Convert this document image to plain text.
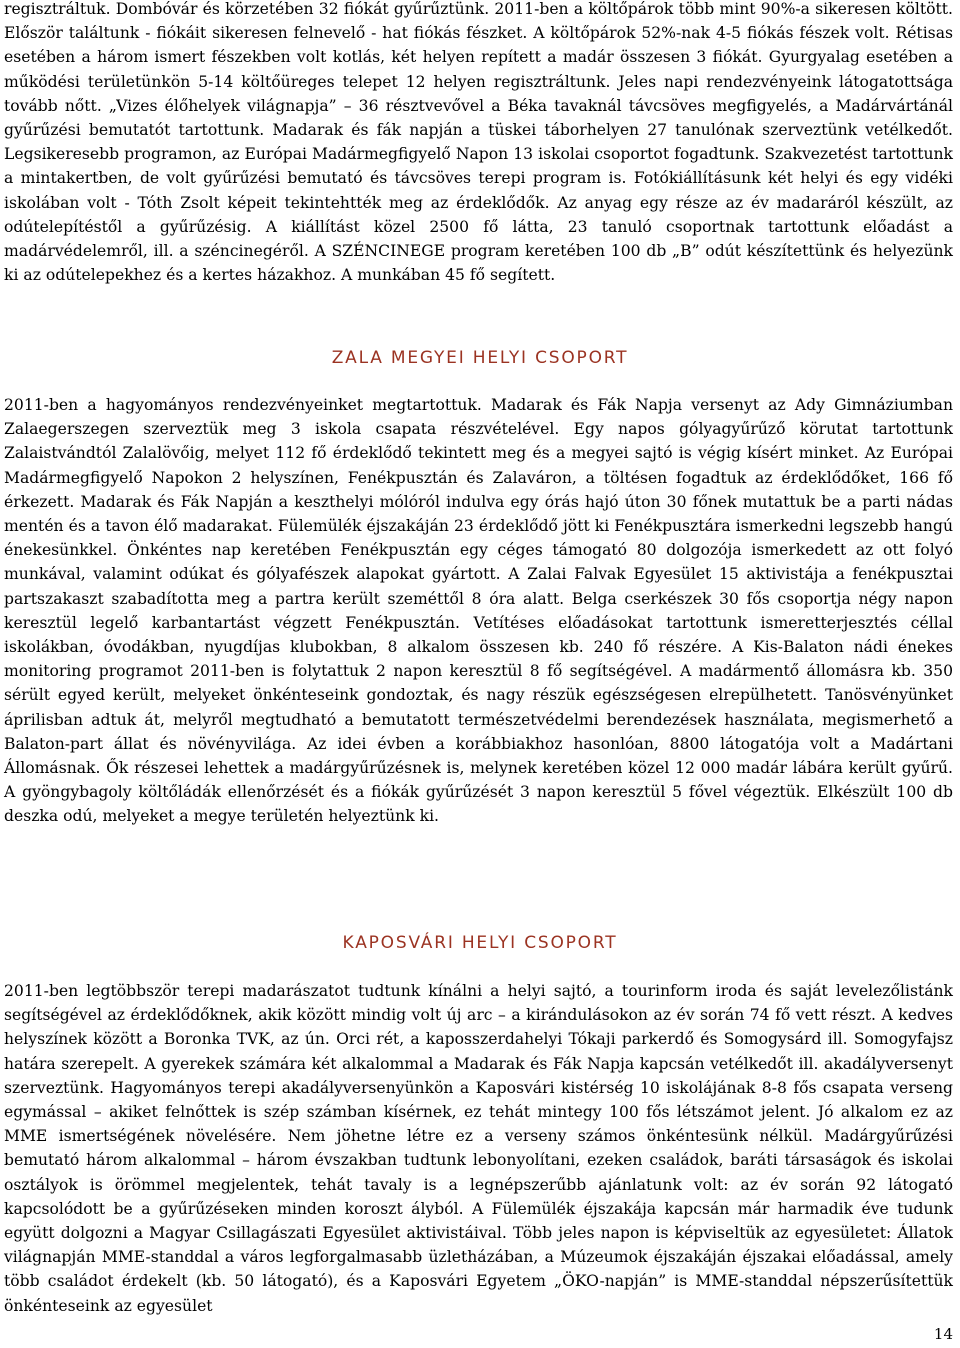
regisztráltuk. Dombóvár és körzetében 32 fiókát gyűrűztünk. 2011-ben a költőpárok több mint 90%-a sikeresen költött. Először találtunk - fiókáit sikeresen felnevelő - hat fiókás fészket. A költőpárok 52%-nak 4-5 fiókás fészek volt. Rétisas esetében a három ismert fészekben volt kotlás, két helyen repített a madár összesen 3 fiókát. Gyurgyalag esetében a működési területünkön 5-14 költőüreges telepet 12 helyen regisztráltunk. Jeles napi rendezvényeink látogatottsága tovább nőtt. „Vizes élőhelyek világnapja” – 36 résztvevővel a Béka tavaknál távcsöves megfigyelés, a Madárvártánál gyűrűzési bemutatót tartottunk. Madarak és fák napján a tüskei táborhelyen 27 tanulónak szerveztünk vetélkedőt. Legsikeresebb programon, az Európai Madármegfigyelő Napon 13 iskolai csoportot fogadtunk. Szakvezetést tartottunk a mintakertben, de volt gyűrűzési bemutató és távcsöves terepi program is. Fotókiállításunk két helyi és egy vidéki iskolában volt - Tóth Zsolt képeit tekintehtték meg az érdeklődők. Az anyag egy része az év madaráról készült, az odútelepítéstől a gyűrűzésig. A kiállítást közel 2500 fő látta, 23 tanuló csoportnak tartottunk előadást a madárvédelemről, ill. a széncinegéről. A SZÉNCINEGE program keretében 100 db „B” odút készítettünk és helyezünk ki az odútelepekhez és a kertes házakhoz. A munkában 45 fő segített.

ZALA MEGYEI HELYI CSOPORT

2011-ben a hagyományos rendezvényeinket megtartottuk. Madarak és Fák Napja versenyt az Ady Gimnáziumban Zalaegerszegen szerveztük meg 3 iskola csapata részvételével. Egy napos gólyagyűrűző körutat tartottunk Zalaistvándtól Zalalövőig, melyet 112 fő érdeklődő tekintett meg és a megyei sajtó is végig kísért minket. Az Európai Madármegfigyelő Napokon 2 helyszínen, Fenékpusztán és Zalaváron, a töltésen fogadtuk az érdeklődőket, 166 fő érkezett. Madarak és Fák Napján a keszthelyi mólóról indulva egy órás hajó úton 30 főnek mutattuk be a parti nádas mentén és a tavon élő madarakat. Fülemülék éjszakáján 23 érdeklődő jött ki Fenékpusztára ismerkedni legszebb hangú énekesünkkel. Önkéntes nap keretében Fenékpusztán egy céges támogató 80 dolgozója ismerkedett az ott folyó munkával, valamint odúkat és gólyafészek alapokat gyártott. A Zalai Falvak Egyesület 15 aktivistája a fenékpusztai partszakaszt szabadította meg a partra került szeméttől 8 óra alatt. Belga cserkészek 30 fős csoportja négy napon keresztül legelő karbantartást végzett Fenékpusztán. Vetítéses előadásokat tartottunk ismeretterjesztés céllal iskolákban, óvodákban, nyugdíjas klubokban, 8 alkalom összesen kb. 240 fő részére. A Kis-Balaton nádi énekes monitoring programot 2011-ben is folytattuk 2 napon keresztül 8 fő segítségével. A madármentő állomásra kb. 350 sérült egyed került, melyeket önkénteseink gondoztak, és nagy részük egészségesen elrepülhetett. Tanösvényünket áprilisban adtuk át, melyről megtudható a bemutatott természetvédelmi berendezések használata, megismerhető a Balaton-part állat és növényvilága. Az idei évben a korábbiakhoz hasonlóan, 8800 látogatója volt a Madártani Állomásnak. Ők részesei lehettek a madárgyűrűzésnek is, melynek keretében közel 12 000 madár lábára került gyűrű. A gyöngybagoly költőládák ellenőrzését és a fiókák gyűrűzését 3 napon keresztül 5 fővel végeztük. Elkészült 100 db deszka odú, melyeket a megye területén helyeztünk ki.

KAPOSVÁRI HELYI CSOPORT

2011-ben legtöbbször terepi madarászatot tudtunk kínálni a helyi sajtó, a tourinform iroda és saját levelezőlistánk segítségével az érdeklődőknek, akik között mindig volt új arc – a kirándulásokon az év során 74 fő vett részt. A kedves helyszínek között a Boronka TVK, az ún. Orci rét, a kaposszerdahelyi Tókaji parkerdő és Somogysárd ill. Somogyfajsz határa szerepelt. A gyerekek számára két alkalommal a Madarak és Fák Napja kapcsán vetélkedőt ill. akadályversenyt szerveztünk. Hagyományos terepi akadályversenyünkön a Kaposvári kistérség 10 iskolájának 8-8 fős csapata verseng egymással – akiket felnőttek is szép számban kísérnek, ez tehát mintegy 100 fős létszámot jelent. Jó alkalom ez az MME ismertségének növelésére. Nem jöhetne létre ez a verseny számos önkéntesünk nélkül. Madárgyűrűzési bemutató három alkalommal – három évszakban tudtunk lebonyolítani, ezeken családok, baráti társaságok és iskolai osztályok is örömmel megjelentek, tehát tavaly is a legnépszerűbb ajánlatunk volt: az év során 92 látogató kapcsolódott be a gyűrűzéseken minden koroszt ályból. A Fülemülék éjszakája kapcsán már harmadik éve tudunk együtt dolgozni a Magyar Csillagászati Egyesület aktivistáival. Több jeles napon is képviseltük az egyesületet: Állatok világnapján MME-standdal a város legforgalmasabb üzletházában, a Múzeumok éjszakáján éjszakai előadással, amely több családot érdekelt (kb. 50 látogató), és a Kaposvári Egyetem „ÖKO-napján” is MME-standdal népszerűsítettük önkénteseink az egyesület

14
